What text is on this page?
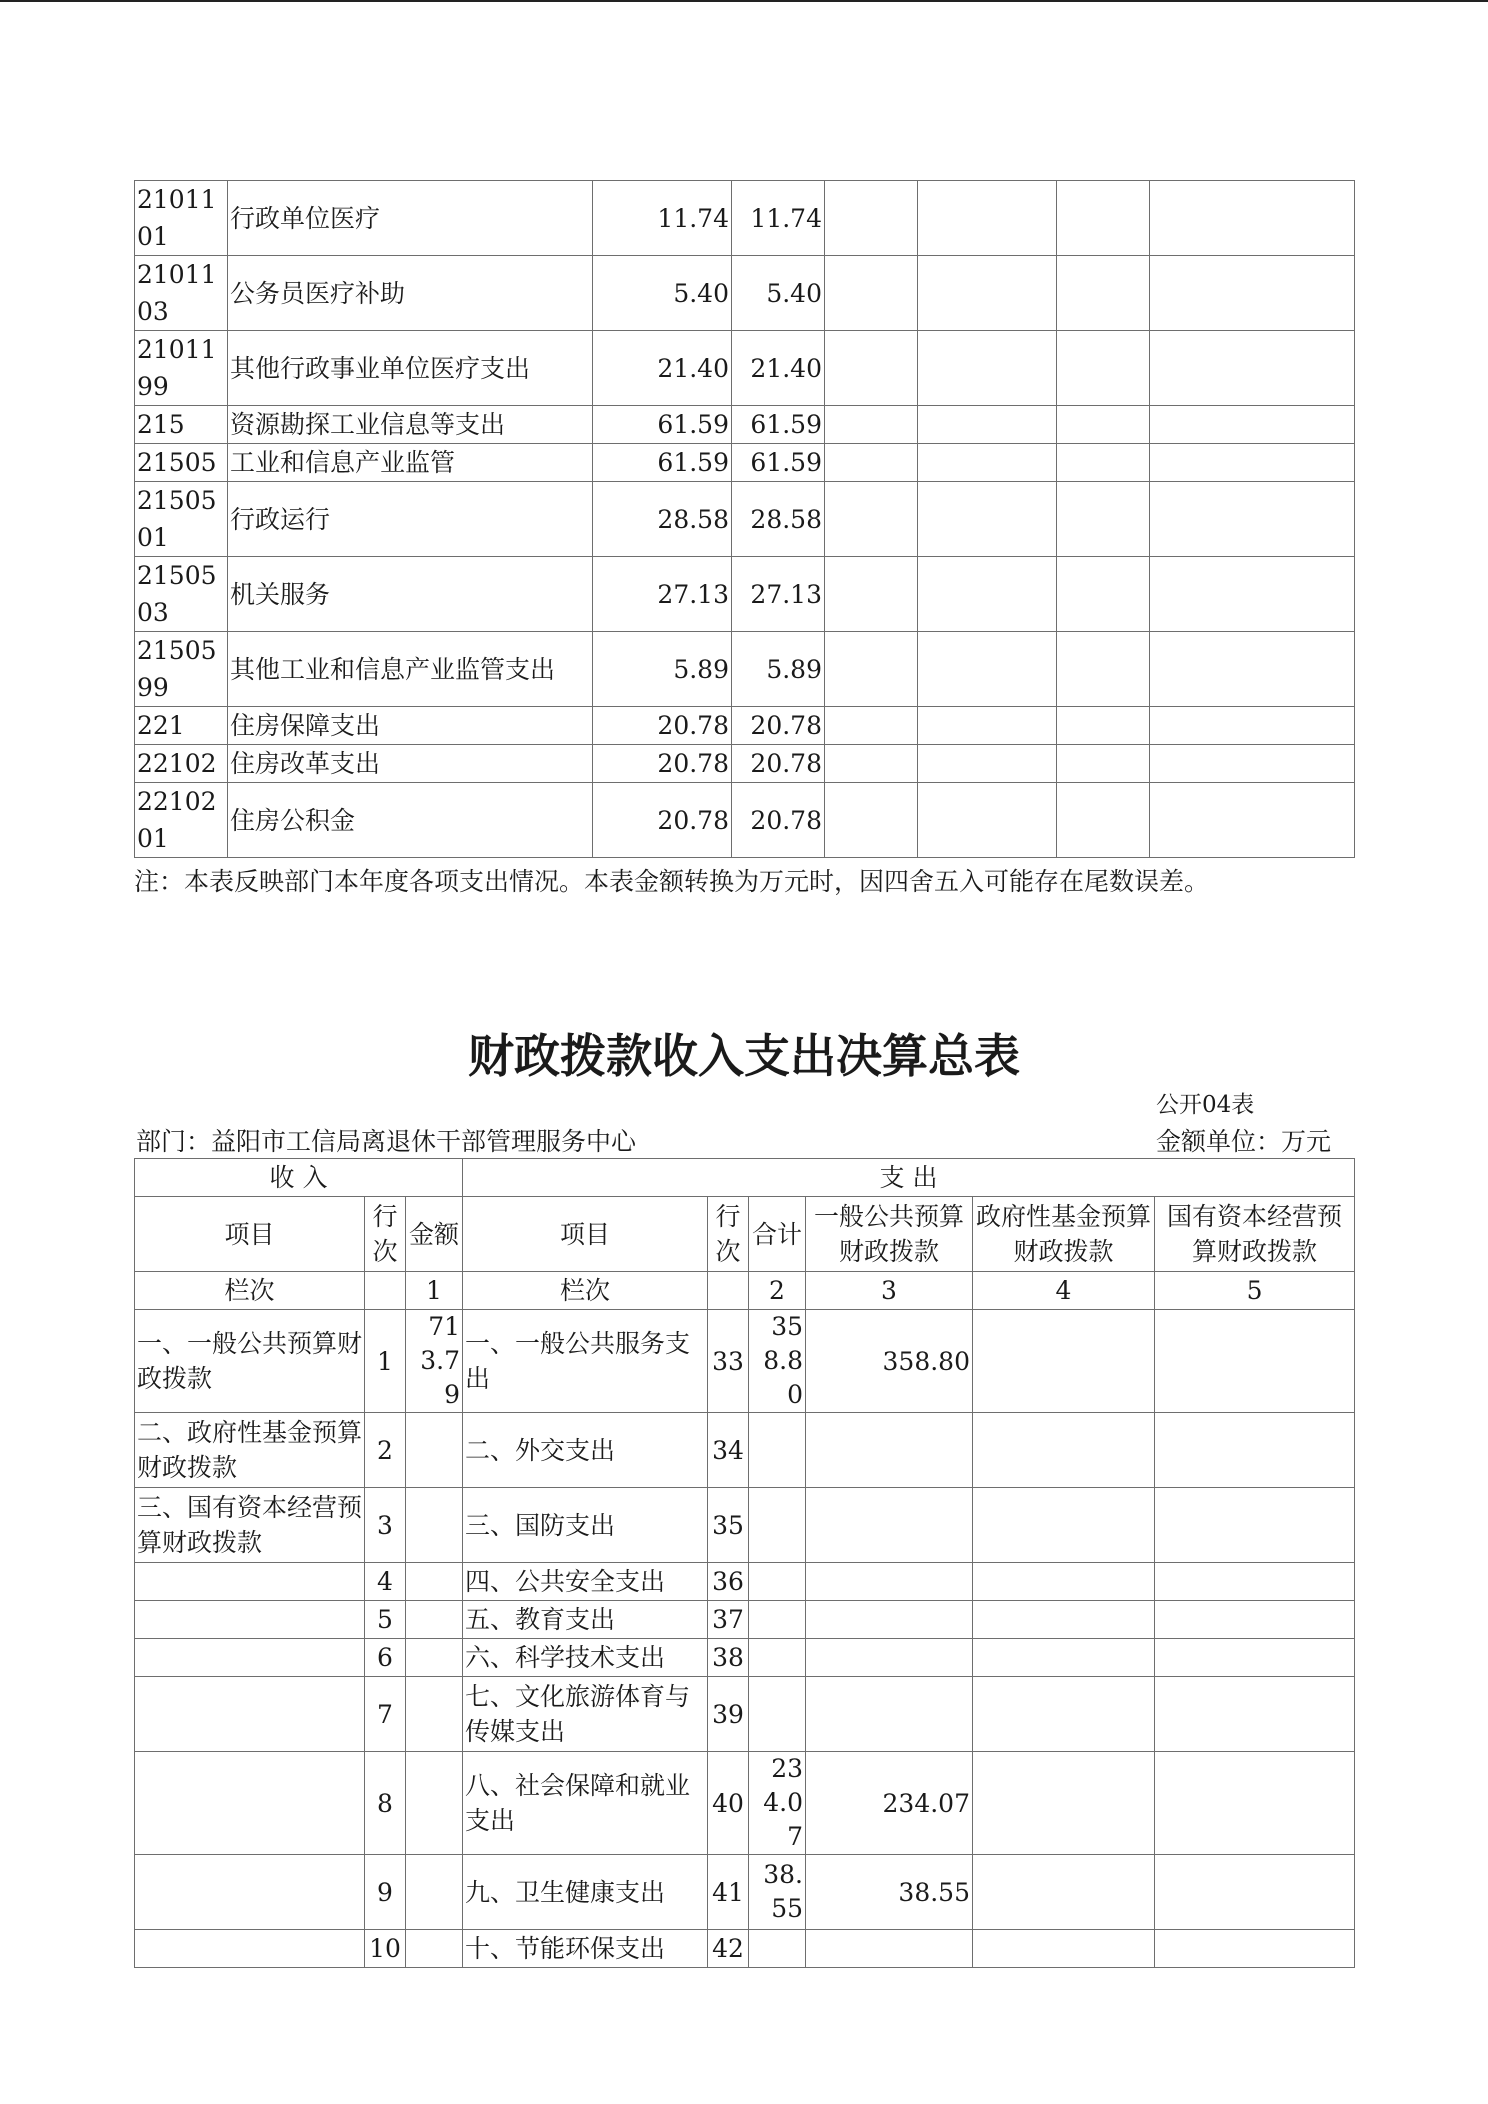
2101101	行政单位医疗	11.74	11.74				
2101103	公务员医疗补助	5.40	5.40				
2101199	其他行政事业单位医疗支出	21.40	21.40				
215	资源勘探工业信息等支出	61.59	61.59				
21505	工业和信息产业监管	61.59	61.59				
2150501	行政运行	28.58	28.58				
2150503	机关服务	27.13	27.13				
2150599	其他工业和信息产业监管支出	5.89	5.89				
221	住房保障支出	20.78	20.78				
22102	住房改革支出	20.78	20.78				
2210201	住房公积金	20.78	20.78				
注：本表反映部门本年度各项支出情况。本表金额转换为万元时，因四舍五入可能存在尾数误差。
财政拨款收入支出决算总表
公开04表
部门：益阳市工信局离退休干部管理服务中心	金额单位：万元
收 入			支 出					
项目	行次	金额	项目	行次	合计	一般公共预算财政拨款	政府性基金预算财政拨款	国有资本经营预算财政拨款
栏次		1	栏次		2	3	4	5
一、一般公共预算财政拨款	1	713.79	一、一般公共服务支出	33	358.80	358.80		
二、政府性基金预算财政拨款	2		二、外交支出	34				
三、国有资本经营预算财政拨款	3		三、国防支出	35				
	4		四、公共安全支出	36				
	5		五、教育支出	37				
	6		六、科学技术支出	38				
	7		七、文化旅游体育与传媒支出	39				
	8		八、社会保障和就业支出	40	234.07	234.07		
	9		九、卫生健康支出	41	38.55	38.55		
	10		十、节能环保支出	42				
